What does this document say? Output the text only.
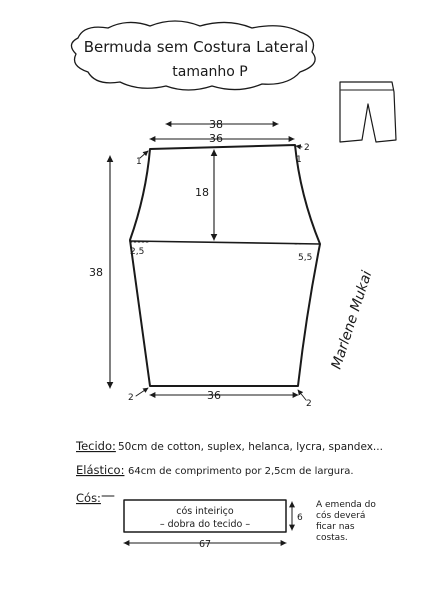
Bermuda sem Costura Lateral
tamanho P
38
36
18
2,5
5,5
38
36
1	1
2
2
2
Marlene Mukai
Tecido: 50cm de cotton, suplex, helanca, lycra, spandex...
Elástico: 64cm de comprimento por 2,5cm de largura.
Cós:
cós inteiriço
– dobra do tecido –
6
67
A emenda do
cós deverá
ficar nas
costas.
